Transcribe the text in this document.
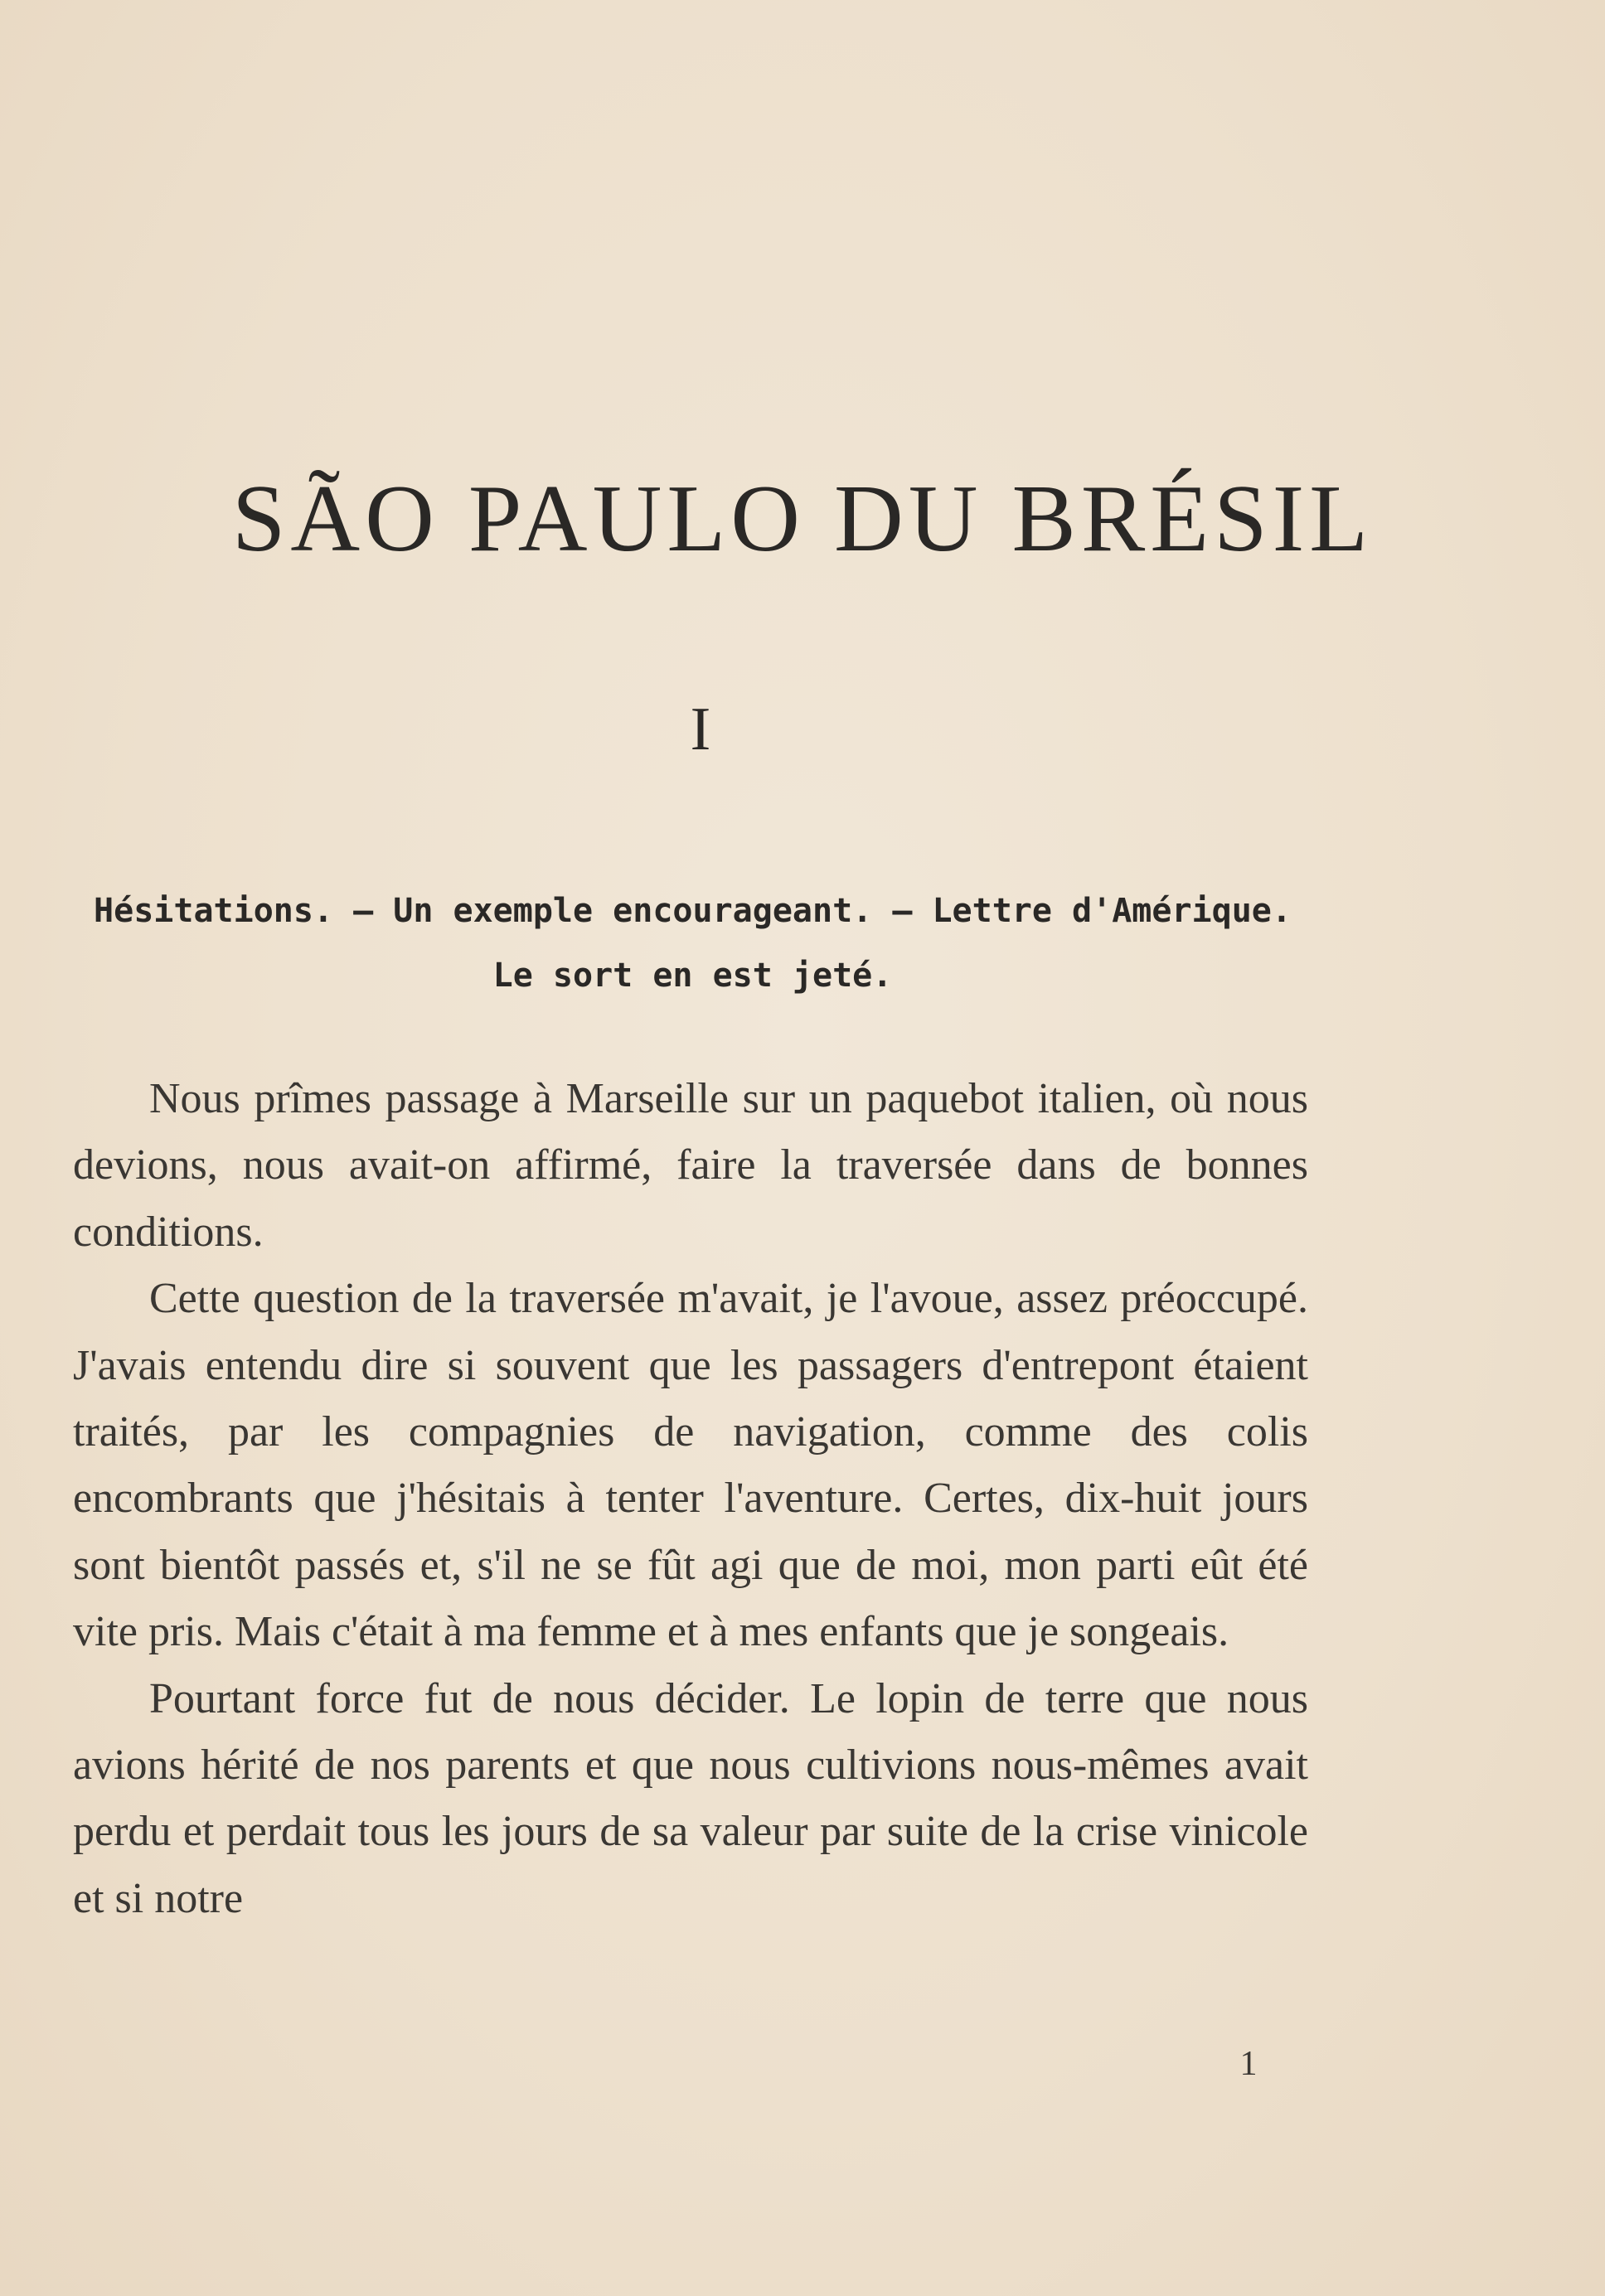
SÃO PAULO DU BRÉSIL
I
Hésitations. — Un exemple encourageant. — Lettre d'Amérique.
Le sort en est jeté.

Nous prîmes passage à Marseille sur un paquebot italien, où nous devions, nous avait-on affirmé, faire la traversée dans de bonnes conditions.

Cette question de la traversée m'avait, je l'avoue, assez préoccupé. J'avais entendu dire si souvent que les passagers d'entrepont étaient traités, par les compagnies de navigation, comme des colis encombrants que j'hésitais à tenter l'aventure. Certes, dix-huit jours sont bientôt passés et, s'il ne se fût agi que de moi, mon parti eût été vite pris. Mais c'était à ma femme et à mes enfants que je songeais.

Pourtant force fut de nous décider. Le lopin de terre que nous avions hérité de nos parents et que nous cultivions nous-mêmes avait perdu et perdait tous les jours de sa valeur par suite de la crise vinicole et si notre

1
